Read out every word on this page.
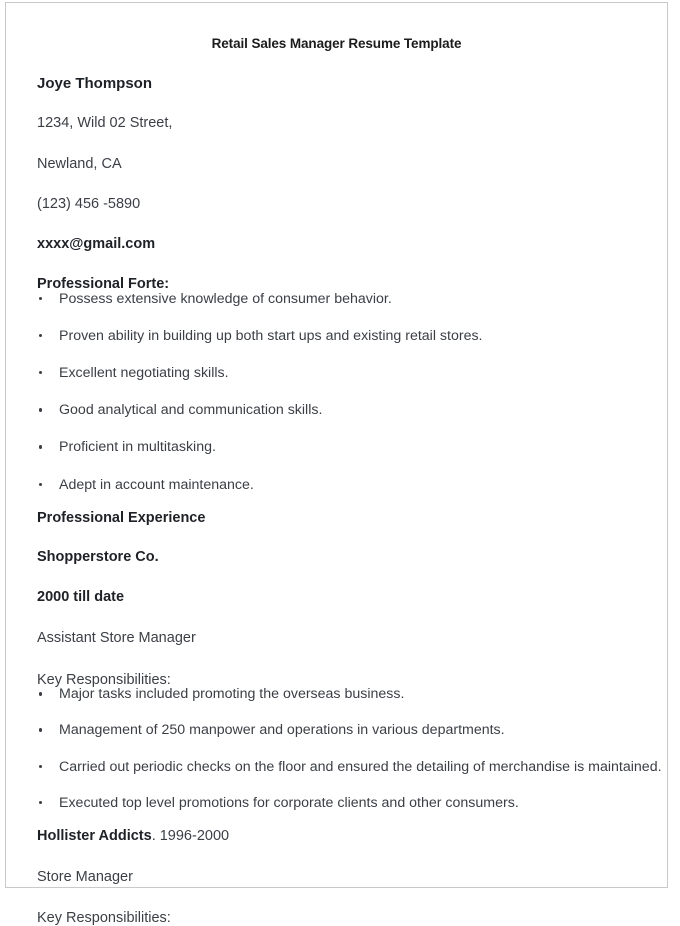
Retail Sales Manager Resume Template
Joye Thompson
1234, Wild 02 Street,
Newland, CA
(123) 456 -5890
xxxx@gmail.com
Professional Forte:
Possess extensive knowledge of consumer behavior.
Proven ability in building up both start ups and existing retail stores.
Excellent negotiating skills.
Good analytical and communication skills.
Proficient in multitasking.
Adept in account maintenance.
Professional Experience
Shopperstore Co.
2000 till date
Assistant Store Manager
Key Responsibilities:
Major tasks included promoting the overseas business.
Management of 250 manpower and operations in various departments.
Carried out periodic checks on the floor and ensured the detailing of merchandise is maintained.
Executed top level promotions for corporate clients and other consumers.
Hollister Addicts. 1996-2000
Store Manager
Key Responsibilities:
